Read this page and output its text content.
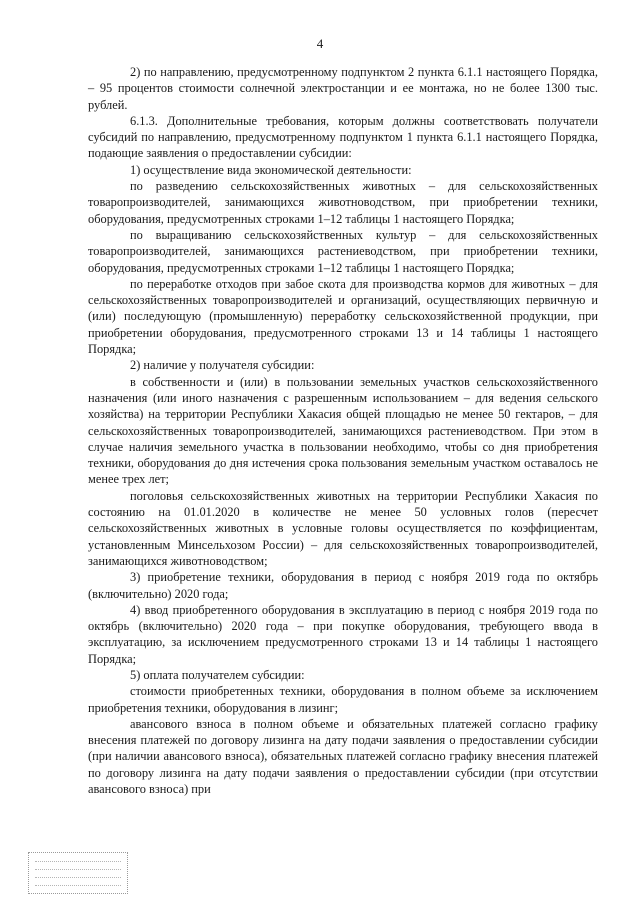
4

2) по направлению, предусмотренному подпунктом 2 пункта 6.1.1 настоящего Порядка, – 95 процентов стоимости солнечной электростанции и ее монтажа, но не более 1300 тыс. рублей.

6.1.3. Дополнительные требования, которым должны соответствовать получатели субсидий по направлению, предусмотренному подпунктом 1 пункта 6.1.1 настоящего Порядка, подающие заявления о предоставлении субсидии:

1) осуществление вида экономической деятельности:

по разведению сельскохозяйственных животных – для сельскохозяйственных товаропроизводителей, занимающихся животноводством, при приобретении техники, оборудования, предусмотренных строками 1–12 таблицы 1 настоящего Порядка;

по выращиванию сельскохозяйственных культур – для сельскохозяйственных товаропроизводителей, занимающихся растениеводством, при приобретении техники, оборудования, предусмотренных строками 1–12 таблицы 1 настоящего Порядка;

по переработке отходов при забое скота для производства кормов для животных – для сельскохозяйственных товаропроизводителей и организаций, осуществляющих первичную и (или) последующую (промышленную) переработку сельскохозяйственной продукции, при приобретении оборудования, предусмотренного строками 13 и 14 таблицы 1 настоящего Порядка;

2) наличие у получателя субсидии:

в собственности и (или) в пользовании земельных участков сельскохозяйственного назначения (или иного назначения с разрешенным использованием – для ведения сельского хозяйства) на территории Республики Хакасия общей площадью не менее 50 гектаров, – для сельскохозяйственных товаропроизводителей, занимающихся растениеводством. При этом в случае наличия земельного участка в пользовании необходимо, чтобы со дня приобретения техники, оборудования до дня истечения срока пользования земельным участком оставалось не менее трех лет;

поголовья сельскохозяйственных животных на территории Республики Хакасия по состоянию на 01.01.2020 в количестве не менее 50 условных голов (пересчет сельскохозяйственных животных в условные головы осуществляется по коэффициентам, установленным Минсельхозом России) – для сельскохозяйственных товаропроизводителей, занимающихся животноводством;

3) приобретение техники, оборудования в период с ноября 2019 года по октябрь (включительно) 2020 года;

4) ввод приобретенного оборудования в эксплуатацию в период с ноября 2019 года по октябрь (включительно) 2020 года – при покупке оборудования, требующего ввода в эксплуатацию, за исключением предусмотренного строками 13 и 14 таблицы 1 настоящего Порядка;

5) оплата получателем субсидии:

стоимости приобретенных техники, оборудования в полном объеме за исключением приобретения техники, оборудования в лизинг;

авансового взноса в полном объеме и обязательных платежей согласно графику внесения платежей по договору лизинга на дату подачи заявления о предоставлении субсидии (при наличии авансового взноса), обязательных платежей согласно графику внесения платежей по договору лизинга на дату подачи заявления о предоставлении субсидии (при отсутствии авансового взноса) при
